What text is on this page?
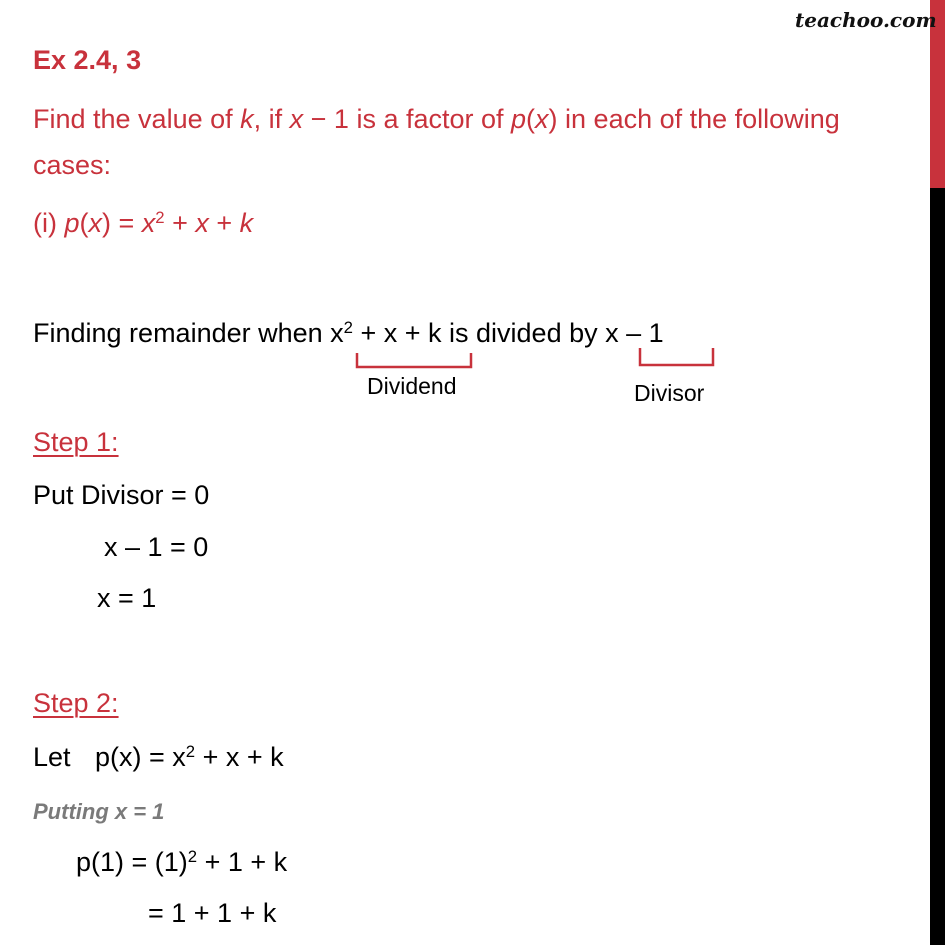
teachoo.com
Ex 2.4, 3
Find the value of k, if x − 1 is a factor of p(x) in each of the following
cases:
(i) $p(x) = x^2 + x + k$
Finding remainder when $x^2 + x + k$ is divided by x – 1
Dividend	Divisor
Step 1:
Put Divisor = 0
x – 1 = 0
x = 1
Step 2:
Let $p(x) = x^2 + x + k$
Putting x = 1
$p(1) = (1)^2 + 1 + k$
= 1 + 1 + k
